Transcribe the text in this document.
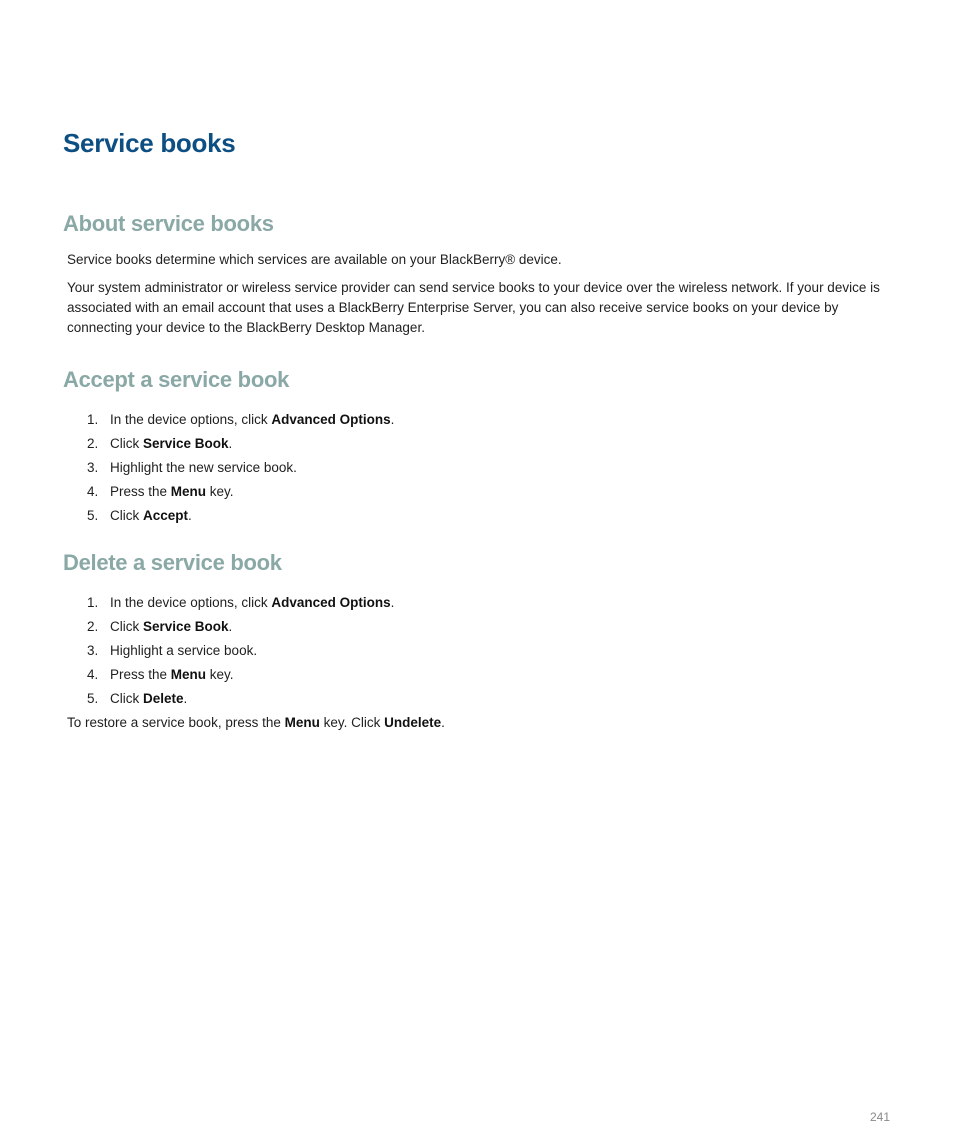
Service books
About service books

Service books determine which services are available on your BlackBerry® device.

Your system administrator or wireless service provider can send service books to your device over the wireless network. If your device is associated with an email account that uses a BlackBerry Enterprise Server, you can also receive service books on your device by connecting your device to the BlackBerry Desktop Manager.

Accept a service book
1. In the device options, click Advanced Options.
2. Click Service Book.
3. Highlight the new service book.
4. Press the Menu key.
5. Click Accept.
Delete a service book
1. In the device options, click Advanced Options.
2. Click Service Book.
3. Highlight a service book.
4. Press the Menu key.
5. Click Delete.

To restore a service book, press the Menu key. Click Undelete.

241
